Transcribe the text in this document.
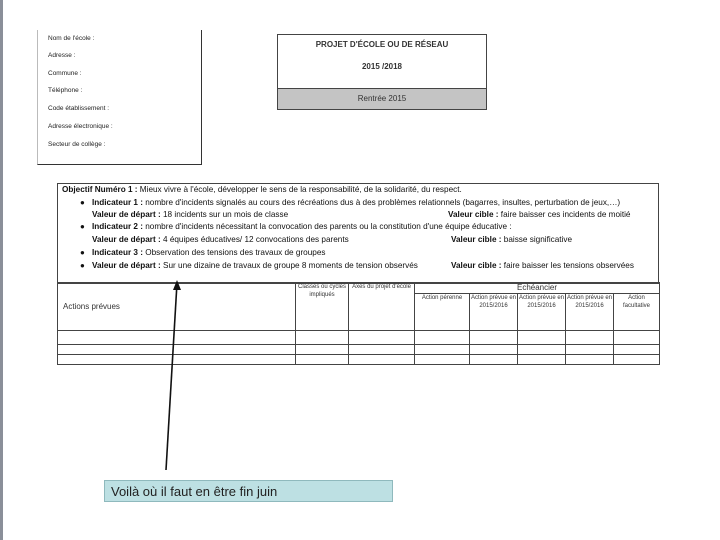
Nom de l'école :
Adresse :
Commune :
Téléphone :
Code établissement :
Adresse électronique :
Secteur de collège :
PROJET D'ÉCOLE OU DE RÉSEAU
2015 /2018
Rentrée 2015
Objectif Numéro 1 : Mieux vivre à l'école, développer le sens de la responsabilité, de la solidarité, du respect.
● Indicateur 1 : nombre d'incidents signalés au cours des récréations dus à des problèmes relationnels (bagarres, insultes, perturbation de jeux,…)
Valeur de départ : 18 incidents sur un mois de classe	Valeur cible : faire baisser ces incidents de moitié
● Indicateur 2 : nombre d'incidents nécessitant la convocation des parents ou la constitution d'une équipe éducative :
Valeur de départ : 4 équipes éducatives/ 12 convocations des parents	Valeur cible : baisse significative
● Indicateur 3 : Observation des tensions des travaux de groupes
● Valeur de départ : Sur une dizaine de travaux de groupe 8 moments de tension observés	Valeur cible : faire baisser les tensions observées
Actions prévues	Classes ou cycles impliqués	Axes du projet d'école	Echéancier				
			Action pérenne	Action prévue en 2015/2016	Action prévue en 2015/2016	Action prévue en 2015/2016	Action facultative

Voilà où il faut en être fin juin
